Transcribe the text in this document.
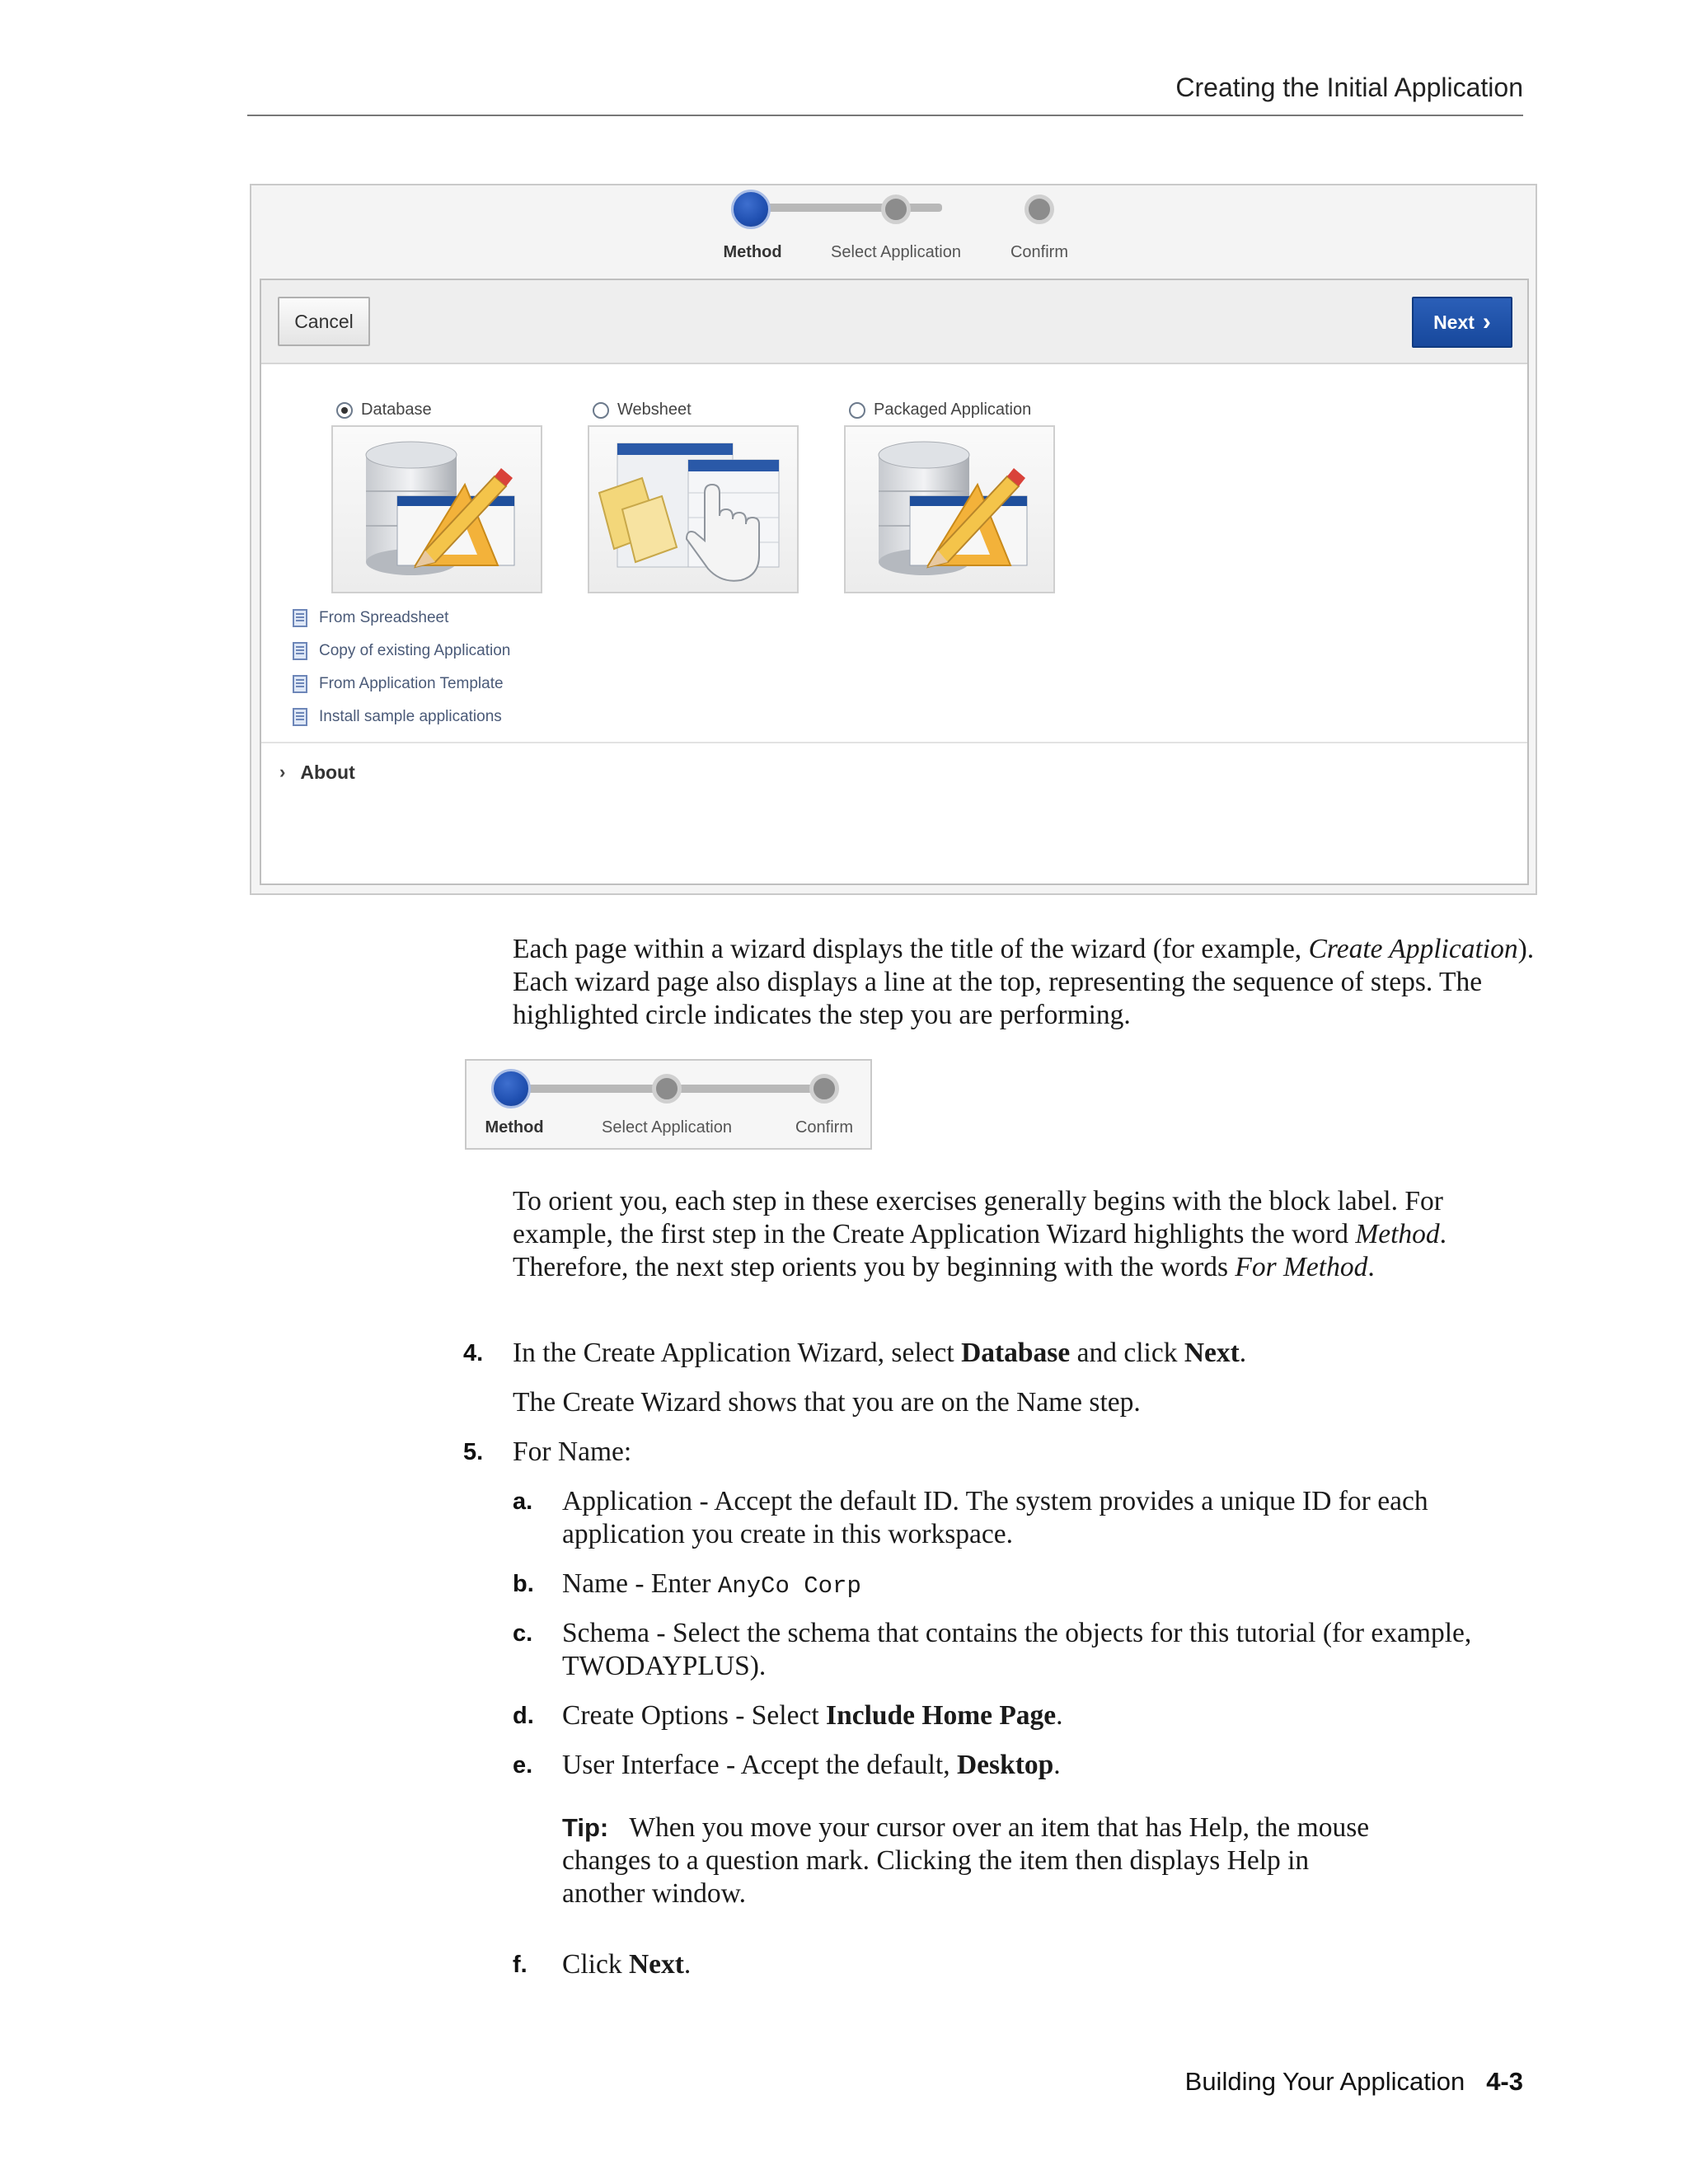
Creating the Initial Application
Method	Select Application	Confirm
Cancel	Next ›
Database	Websheet	Packaged Application
From Spreadsheet
Copy of existing Application
From Application Template
Install sample applications
› About
Each page within a wizard displays the title of the wizard (for example, Create Application). Each wizard page also displays a line at the top, representing the sequence of steps. The highlighted circle indicates the step you are performing.
Method	Select Application	Confirm
To orient you, each step in these exercises generally begins with the block label. For example, the first step in the Create Application Wizard highlights the word Method. Therefore, the next step orients you by beginning with the words For Method.
4. In the Create Application Wizard, select Database and click Next.
The Create Wizard shows that you are on the Name step.
5. For Name:
a. Application - Accept the default ID. The system provides a unique ID for each application you create in this workspace.
b. Name - Enter AnyCo Corp
c. Schema - Select the schema that contains the objects for this tutorial (for example, TWODAYPLUS).
d. Create Options - Select Include Home Page.
e. User Interface - Accept the default, Desktop.
Tip: When you move your cursor over an item that has Help, the mouse changes to a question mark. Clicking the item then displays Help in another window.
f. Click Next.
Building Your Application 4-3
